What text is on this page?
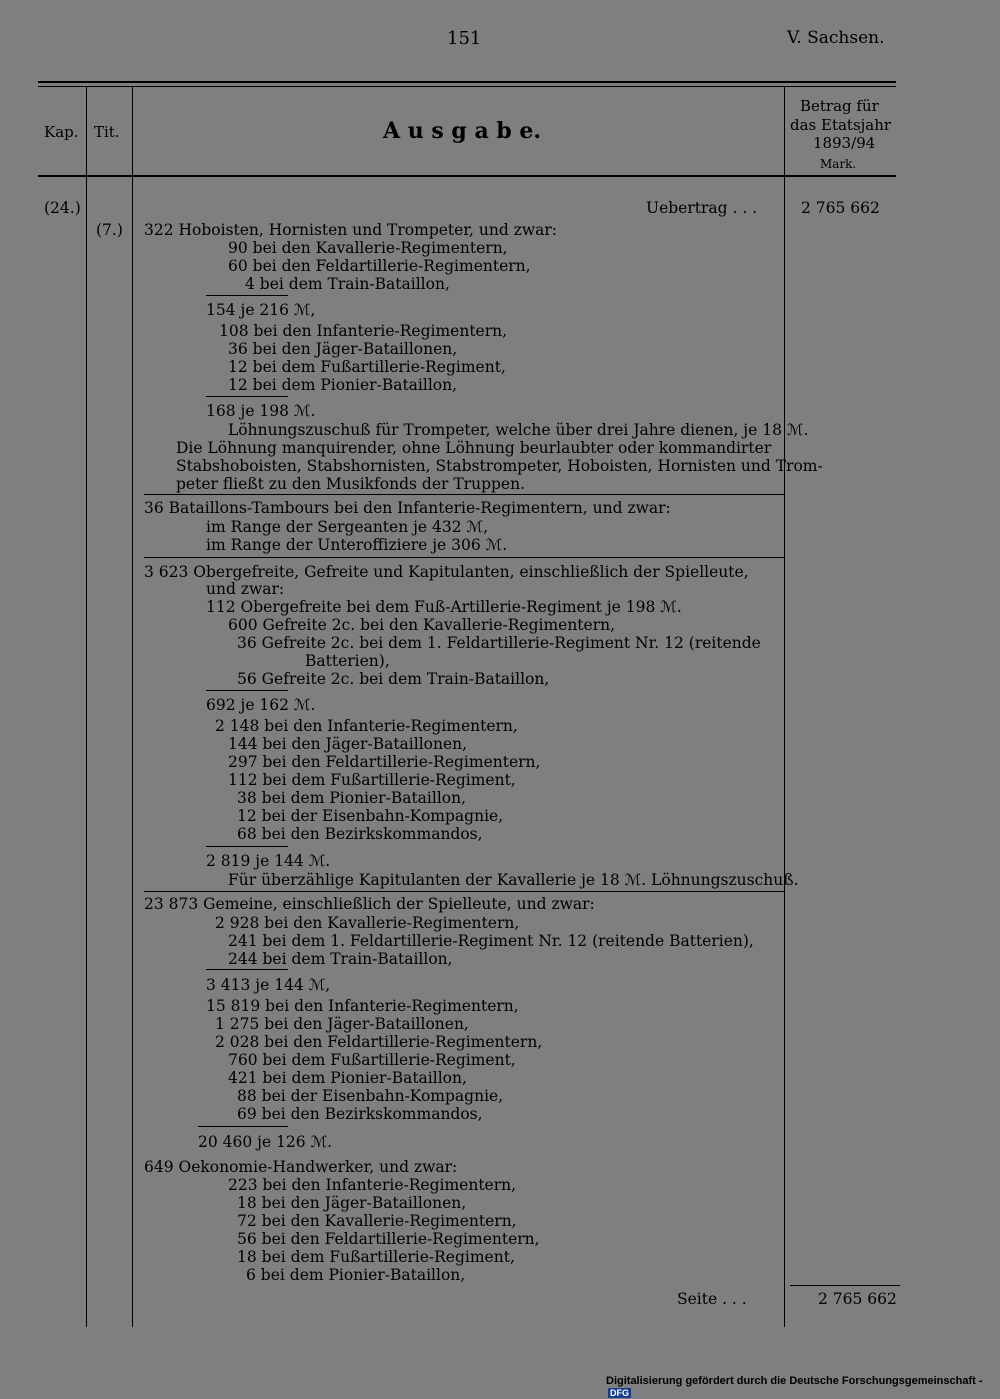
151	V. Sachsen.
Kap. Tit.	A u s g a b e.
Betrag für
das Etatsjahr
1893/94
Mark.
(24.)
(7.)
Uebertrag . . .	2 765 662
322 Hoboisten, Hornisten und Trompeter, und zwar:
90 bei den Kavallerie-Regimentern,
60 bei den Feldartillerie-Regimentern,
4 bei dem Train-Bataillon,
154 je 216 ℳ,
108 bei den Infanterie-Regimentern,
36 bei den Jäger-Bataillonen,
12 bei dem Fußartillerie-Regiment,
12 bei dem Pionier-Bataillon,
168 je 198 ℳ.
Löhnungszuschuß für Trompeter, welche über drei Jahre dienen, je 18 ℳ.
Die Löhnung manquirender, ohne Löhnung beurlaubter oder kommandirter
Stabshoboisten, Stabshornisten, Stabstrompeter, Hoboisten, Hornisten und Trom-
peter fließt zu den Musikfonds der Truppen.
36 Bataillons-Tambours bei den Infanterie-Regimentern, und zwar:
im Range der Sergeanten je 432 ℳ,
im Range der Unteroffiziere je 306 ℳ.
3 623 Obergefreite, Gefreite und Kapitulanten, einschließlich der Spielleute,
und zwar:
112 Obergefreite bei dem Fuß-Artillerie-Regiment je 198 ℳ.
600 Gefreite 2c. bei den Kavallerie-Regimentern,
36 Gefreite 2c. bei dem 1. Feldartillerie-Regiment Nr. 12 (reitende
Batterien),
56 Gefreite 2c. bei dem Train-Bataillon,
692 je 162 ℳ.
2 148 bei den Infanterie-Regimentern,
144 bei den Jäger-Bataillonen,
297 bei den Feldartillerie-Regimentern,
112 bei dem Fußartillerie-Regiment,
38 bei dem Pionier-Bataillon,
12 bei der Eisenbahn-Kompagnie,
68 bei den Bezirkskommandos,
2 819 je 144 ℳ.
Für überzählige Kapitulanten der Kavallerie je 18 ℳ. Löhnungszuschuß.
23 873 Gemeine, einschließlich der Spielleute, und zwar:
2 928 bei den Kavallerie-Regimentern,
241 bei dem 1. Feldartillerie-Regiment Nr. 12 (reitende Batterien),
244 bei dem Train-Bataillon,
3 413 je 144 ℳ,
15 819 bei den Infanterie-Regimentern,
1 275 bei den Jäger-Bataillonen,
2 028 bei den Feldartillerie-Regimentern,
760 bei dem Fußartillerie-Regiment,
421 bei dem Pionier-Bataillon,
88 bei der Eisenbahn-Kompagnie,
69 bei den Bezirkskommandos,
20 460 je 126 ℳ.
649 Oekonomie-Handwerker, und zwar:
223 bei den Infanterie-Regimentern,
18 bei den Jäger-Bataillonen,
72 bei den Kavallerie-Regimentern,
56 bei den Feldartillerie-Regimentern,
18 bei dem Fußartillerie-Regiment,
6 bei dem Pionier-Bataillon,
Seite . . .	2 765 662
Digitalisierung gefördert durch die Deutsche Forschungsgemeinschaft - DFG
